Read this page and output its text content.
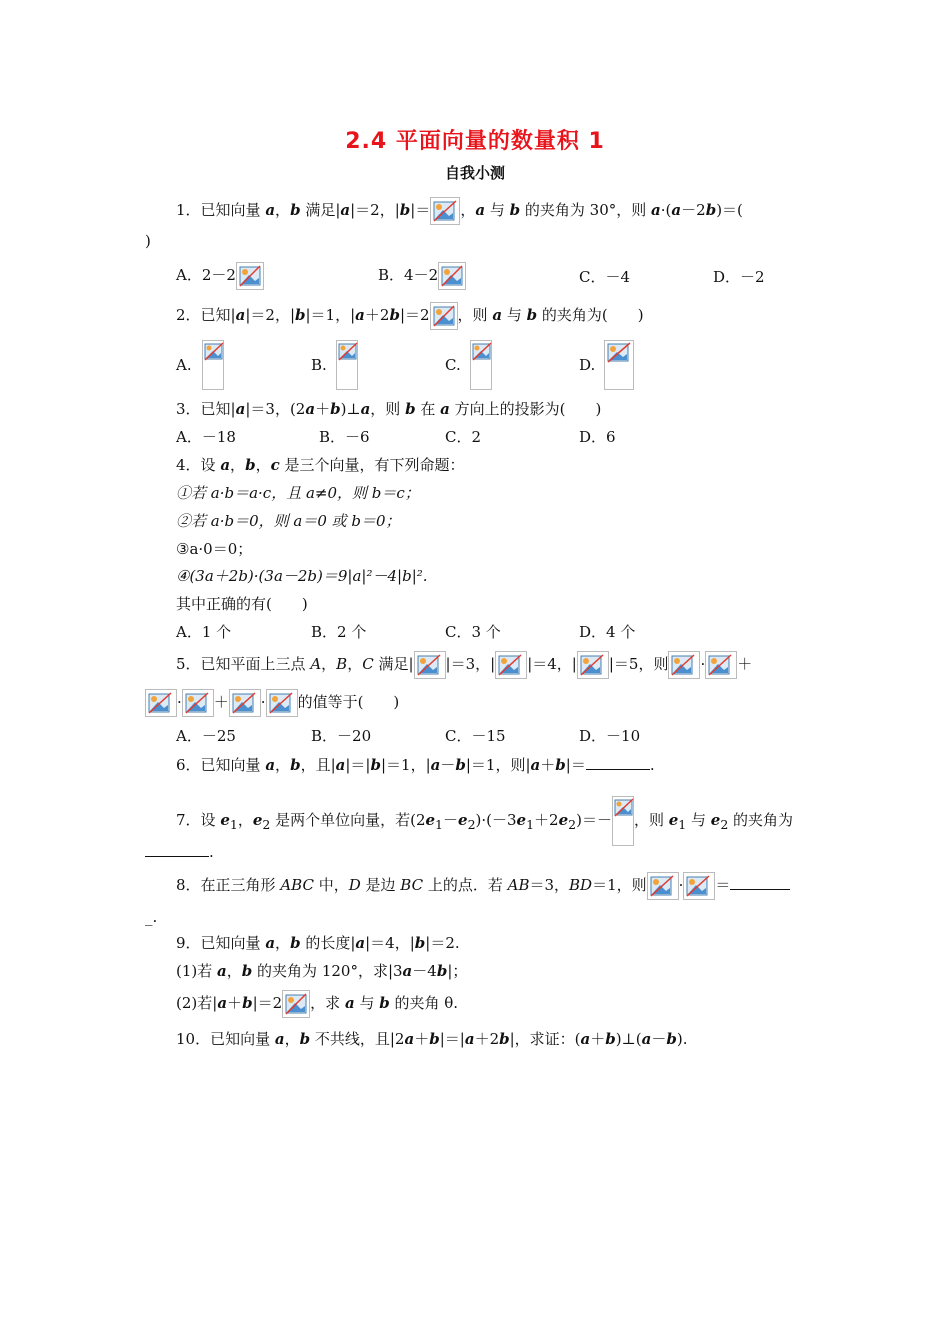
2.4 平面向量的数量积 1
自我小测
1．已知向量 a，b 满足|a|＝2，|b|＝ ，a 与 b 的夹角为 30°，则 a·(a－2b)＝(
)
A．2－2	B．4－2	C．－4	D．－2
2．已知|a|＝2，|b|＝1，|a＋2b|＝2 ，则 a 与 b 的夹角为(　　)
A.	B.	C.	D.
3．已知|a|＝3，(2a＋b)⊥a，则 b 在 a 方向上的投影为(　　)
A．－18	B．－6	C．2	D．6
4．设 a，b，c 是三个向量，有下列命题：
①若 a·b＝a·c，且 a≠0，则 b＝c；
②若 a·b＝0，则 a＝0 或 b＝0；
③a·0＝0；
④(3a＋2b)·(3a－2b)＝9|a|²－4|b|².
其中正确的有(　　)
A．1 个	B．2 个	C．3 个	D．4 个
5．已知平面上三点 A，B，C 满足| |＝3，| |＝4，| |＝5，则 · ＋
· ＋ · 的值等于(　　)
A．－25	B．－20	C．－15	D．－10
6．已知向量 a，b，且|a|＝|b|＝1，|a－b|＝1，则|a＋b|＝	.
7．设 $e_1$，$e_2$ 是两个单位向量，若$(2e_1-e_2)\cdot(-3e_1+2e_2)=-$ ，则 $e_1$ 与 $e_2$ 的夹角为
.
8．在正三角形 ABC 中，D 是边 BC 上的点．若 AB＝3，BD＝1，则 · ＝
_.
9．已知向量 a，b 的长度|a|＝4，|b|＝2.
(1)若 a，b 的夹角为 120°，求|3a－4b|；
(2)若|a＋b|＝2 ，求 a 与 b 的夹角 θ.
10．已知向量 a，b 不共线，且|2a＋b|＝|a＋2b|，求证：(a＋b)⊥(a－b).
